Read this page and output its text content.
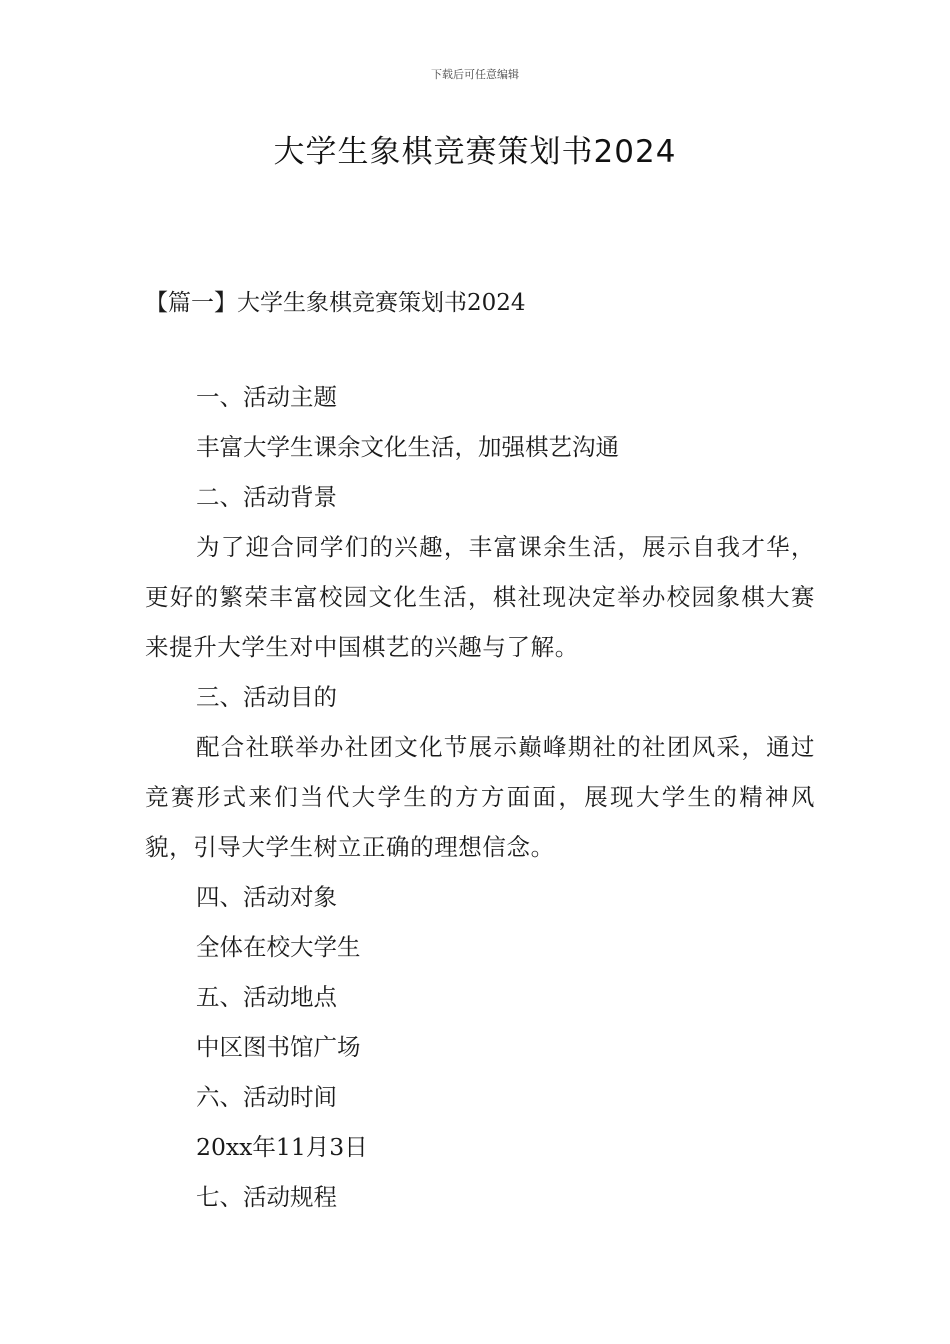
下载后可任意编辑
大学生象棋竞赛策划书2024
【篇一】大学生象棋竞赛策划书2024

一、活动主题

丰富大学生课余文化生活，加强棋艺沟通

二、活动背景

为了迎合同学们的兴趣，丰富课余生活，展示自我才华，更好的繁荣丰富校园文化生活，棋社现决定举办校园象棋大赛来提升大学生对中国棋艺的兴趣与了解。

三、活动目的

配合社联举办社团文化节展示巅峰期社的社团风采，通过竞赛形式来们当代大学生的方方面面，展现大学生的精神风貌，引导大学生树立正确的理想信念。

四、活动对象

全体在校大学生

五、活动地点

中区图书馆广场

六、活动时间

20xx年11月3日

七、活动规程
